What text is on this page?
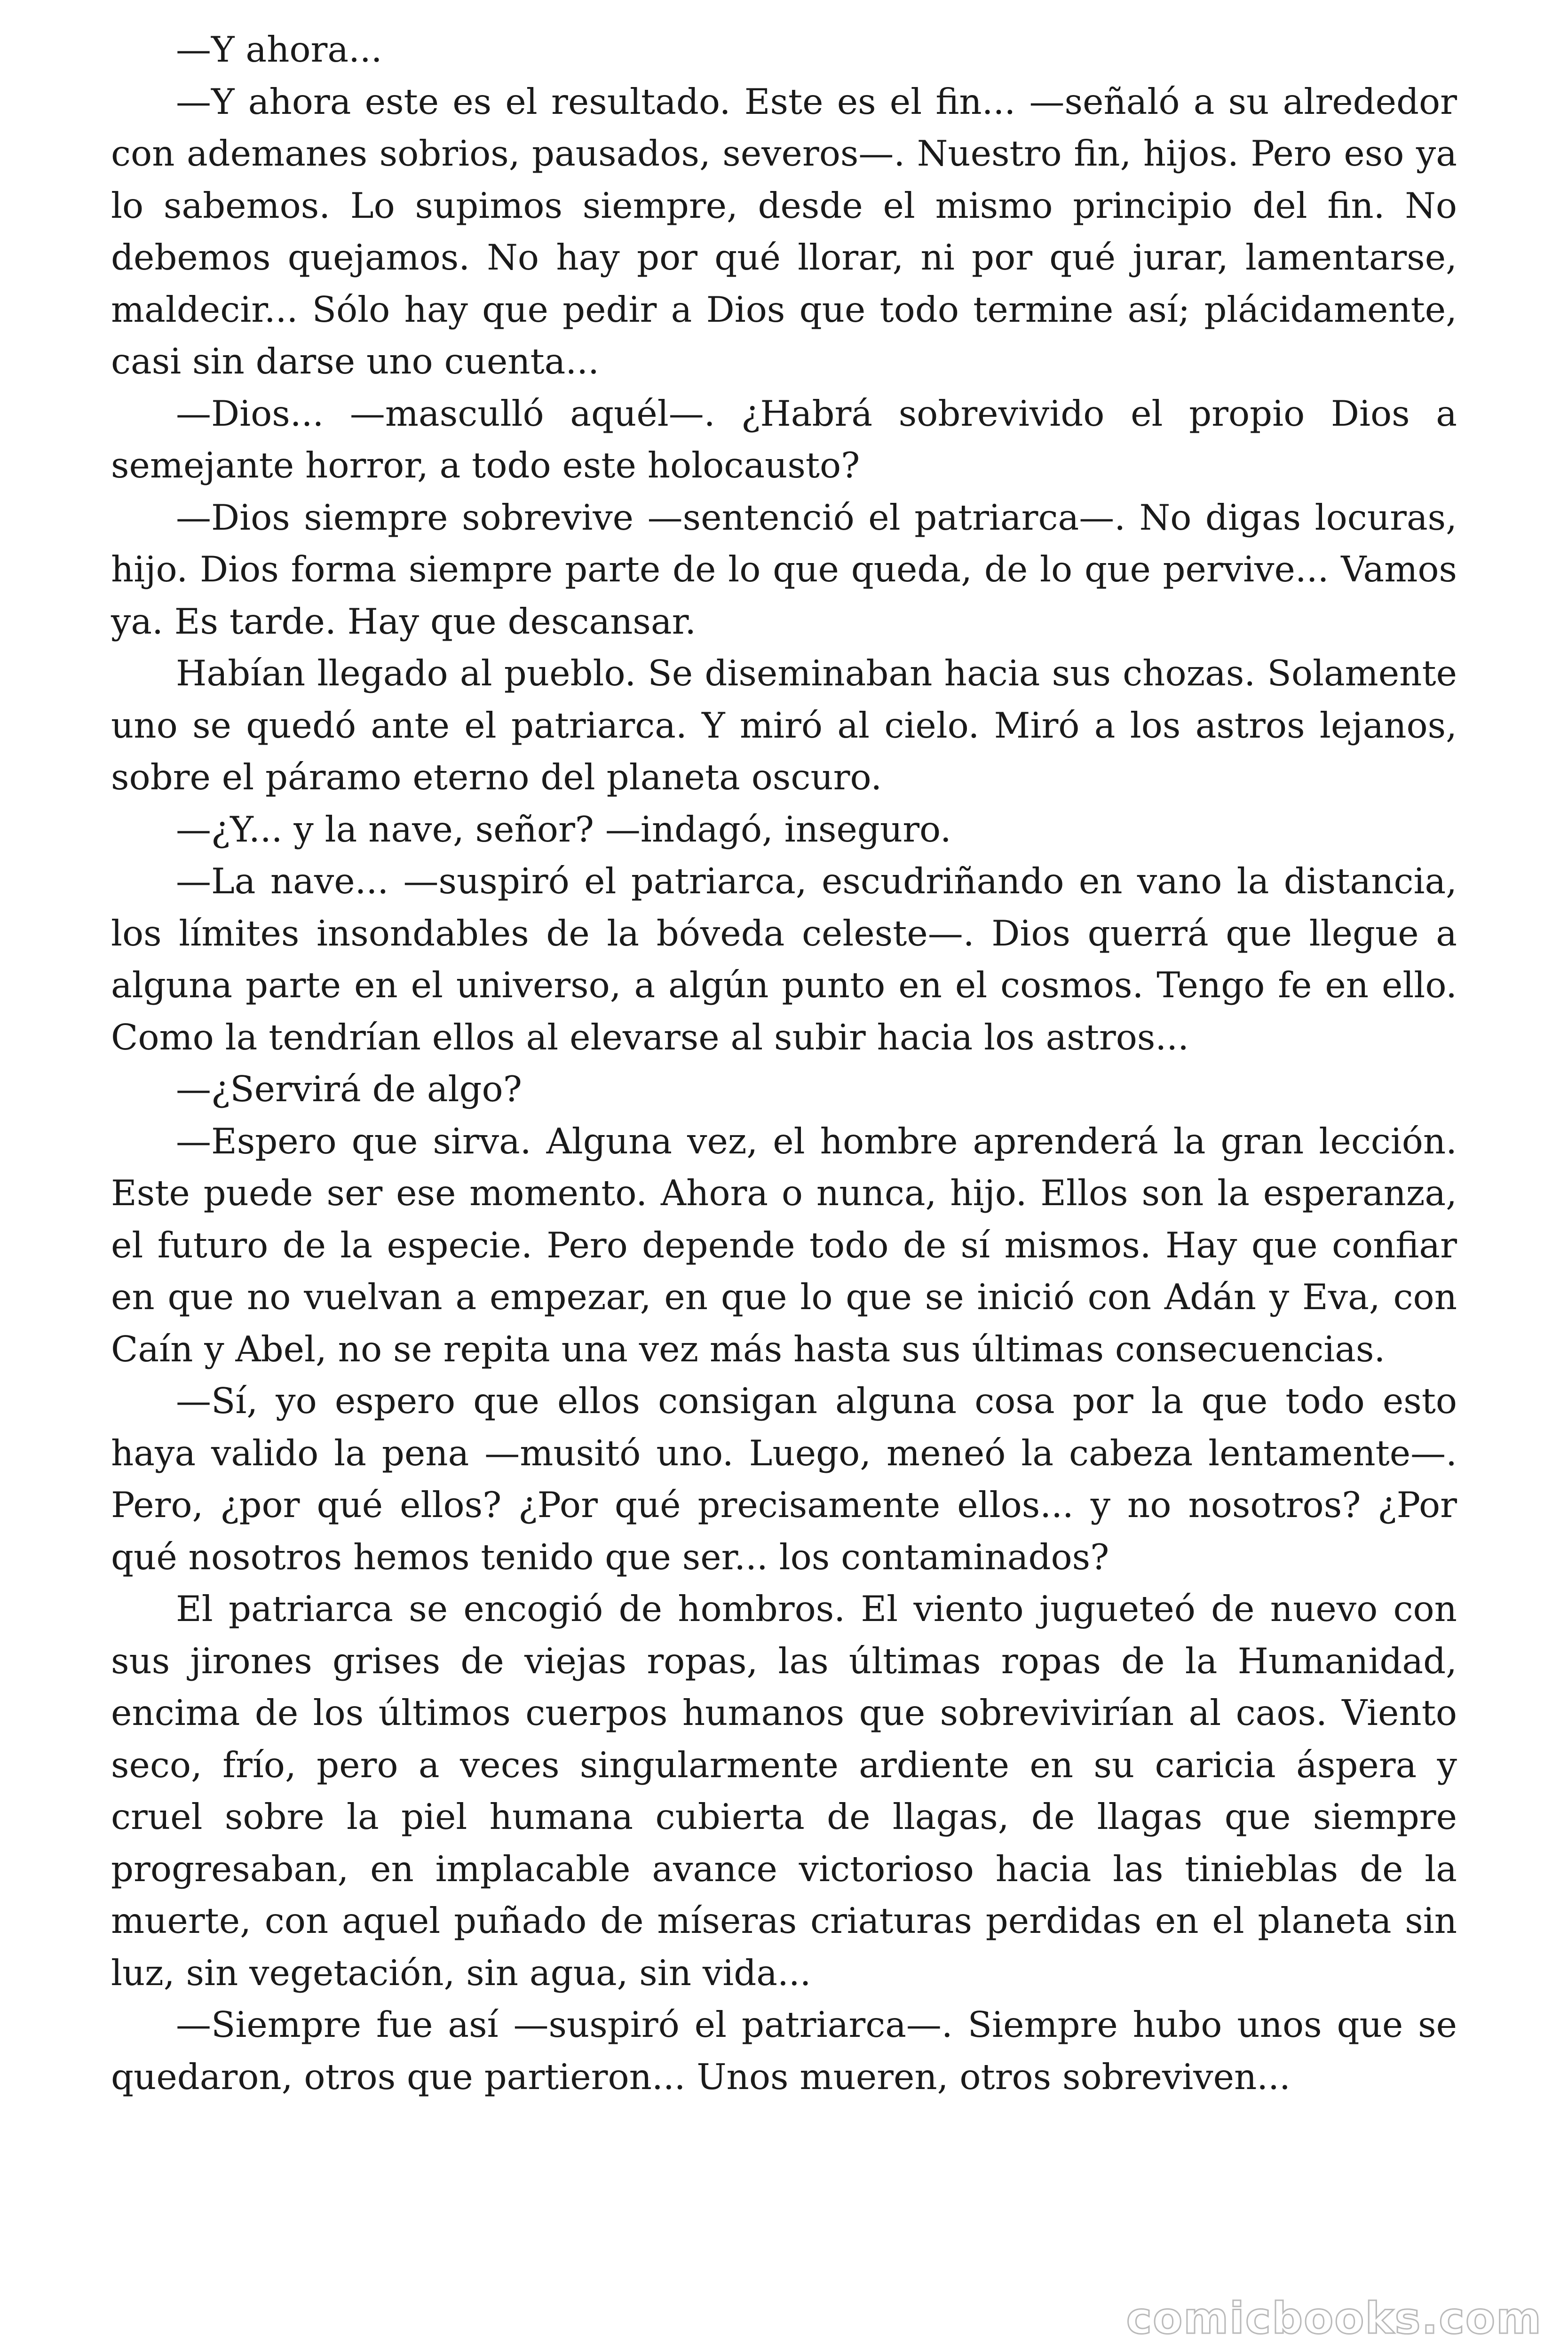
—Y ahora...

—Y ahora este es el resultado. Este es el fin... —señaló a su alrededor con ademanes sobrios, pausados, severos—. Nuestro fin, hijos. Pero eso ya lo sabemos. Lo supimos siempre, desde el mismo principio del fin. No debemos quejamos. No hay por qué llorar, ni por qué jurar, lamentarse, maldecir... Sólo hay que pedir a Dios que todo termine así; plácidamente, casi sin darse uno cuenta...

—Dios... —masculló aquél—. ¿Habrá sobrevivido el propio Dios a semejante horror, a todo este holocausto?

—Dios siempre sobrevive —sentenció el patriarca—. No digas locuras, hijo. Dios forma siempre parte de lo que queda, de lo que pervive... Vamos ya. Es tarde. Hay que descansar.

Habían llegado al pueblo. Se diseminaban hacia sus chozas. Solamente uno se quedó ante el patriarca. Y miró al cielo. Miró a los astros lejanos, sobre el páramo eterno del planeta oscuro.

—¿Y... y la nave, señor? —indagó, inseguro.

—La nave... —suspiró el patriarca, escudriñando en vano la distancia, los límites insondables de la bóveda celeste—. Dios querrá que llegue a alguna parte en el universo, a algún punto en el cosmos. Tengo fe en ello. Como la tendrían ellos al elevarse al subir hacia los astros...

—¿Servirá de algo?

—Espero que sirva. Alguna vez, el hombre aprenderá la gran lección. Este puede ser ese momento. Ahora o nunca, hijo. Ellos son la esperanza, el futuro de la especie. Pero depende todo de sí mismos. Hay que confiar en que no vuelvan a empezar, en que lo que se inició con Adán y Eva, con Caín y Abel, no se repita una vez más hasta sus últimas consecuencias.

—Sí, yo espero que ellos consigan alguna cosa por la que todo esto haya valido la pena —musitó uno. Luego, meneó la cabeza lentamente—. Pero, ¿por qué ellos? ¿Por qué precisamente ellos... y no nosotros? ¿Por qué nosotros hemos tenido que ser... los contaminados?

El patriarca se encogió de hombros. El viento jugueteó de nuevo con sus jirones grises de viejas ropas, las últimas ropas de la Humanidad, encima de los últimos cuerpos humanos que sobrevivirían al caos. Viento seco, frío, pero a veces singularmente ardiente en su caricia áspera y cruel sobre la piel humana cubierta de llagas, de llagas que siempre progresaban, en implacable avance victorioso hacia las tinieblas de la muerte, con aquel puñado de míseras criaturas perdidas en el planeta sin luz, sin vegetación, sin agua, sin vida...

—Siempre fue así —suspiró el patriarca—. Siempre hubo unos que se quedaron, otros que partieron... Unos mueren, otros sobreviven...

comicbooks.com
